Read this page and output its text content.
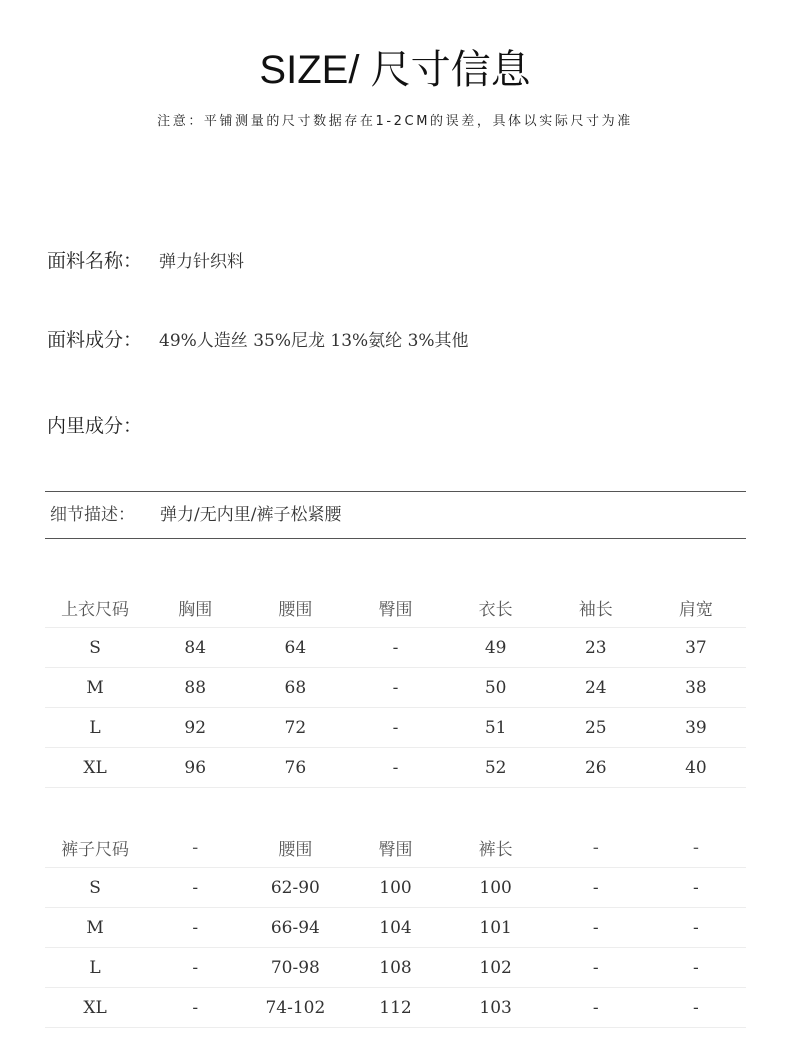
SIZE/ 尺寸信息
注意：平铺测量的尺寸数据存在1-2CM的误差，具体以实际尺寸为准
面料名称： 弹力针织料
面料成分： 49%人造丝 35%尼龙 13%氨纶 3%其他
内里成分：
细节描述： 弹力/无内里/裤子松紧腰
上衣尺码	胸围	腰围	臀围	衣长	袖长	肩宽
S	84	64	-	49	23	37
M	88	68	-	50	24	38
L	92	72	-	51	25	39
XL	96	76	-	52	26	40
裤子尺码	-	腰围	臀围	裤长	-	-
S	-	62-90	100	100	-	-
M	-	66-94	104	101	-	-
L	-	70-98	108	102	-	-
XL	-	74-102	112	103	-	-
